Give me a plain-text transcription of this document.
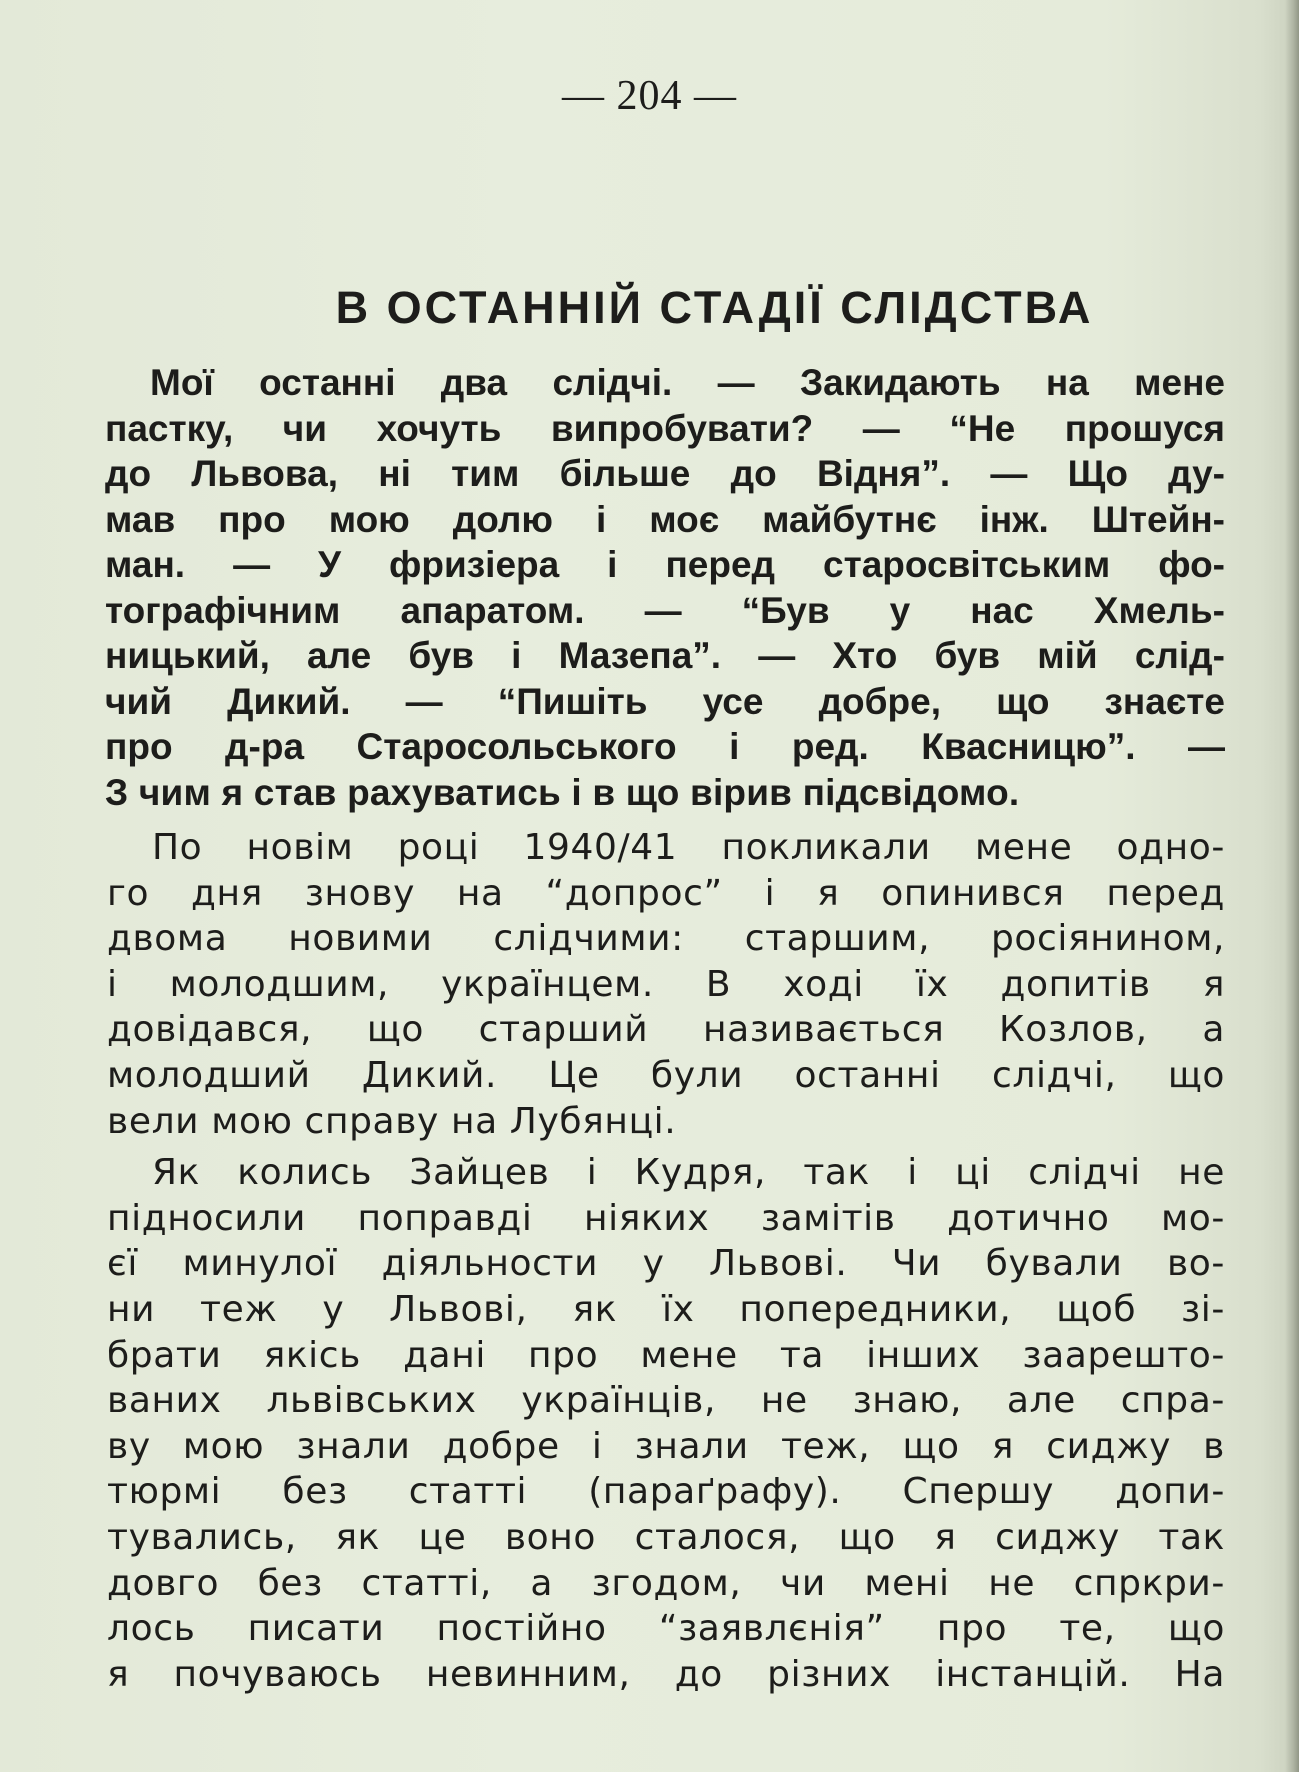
— 204 —
В ОСТАННІЙ СТАДІЇ СЛІДСТВА
Мої останні два слідчі. — Закидають на мене
пастку, чи хочуть випробувати? — “Не прошуся
до Львова, ні тим більше до Відня”. — Що ду-
мав про мою долю і моє майбутнє інж. Штейн-
ман. — У фризіера і перед старосвітським фо-
тографічним апаратом. — “Був у нас Хмель-
ницький, але був і Мазепа”. — Хто був мій слід-
чий Дикий. — “Пишіть усе добре, що знаєте
про д-ра Старосольського і ред. Квасницю”. —
З чим я став рахуватись і в що вірив підсвідомо.
По новім році 1940/41 покликали мене одно-
го дня знову на “допрос” і я опинився перед
двома новими слідчими: старшим, росіянином,
і молодшим, українцем. В ході їх допитів я
довідався, що старший називається Козлов, а
молодший Дикий. Це були останні слідчі, що
вели мою справу на Лубянці.
Як колись Зайцев і Кудря, так і ці слідчі не
підносили поправді ніяких замітів дотично мо-
єї минулої діяльности у Львові. Чи бували во-
ни теж у Львові, як їх попередники, щоб зі-
брати якісь дані про мене та інших заарешто-
ваних львівських українців, не знаю, але спра-
ву мою знали добре і знали теж, що я сиджу в
тюрмі без статті (параґрафу). Спершу допи-
тувались, як це воно сталося, що я сиджу так
довго без статті, а згодом, чи мені не спркри-
лось писати постійно “заявлєнія” про те, що
я почуваюсь невинним, до різних інстанцій. На
